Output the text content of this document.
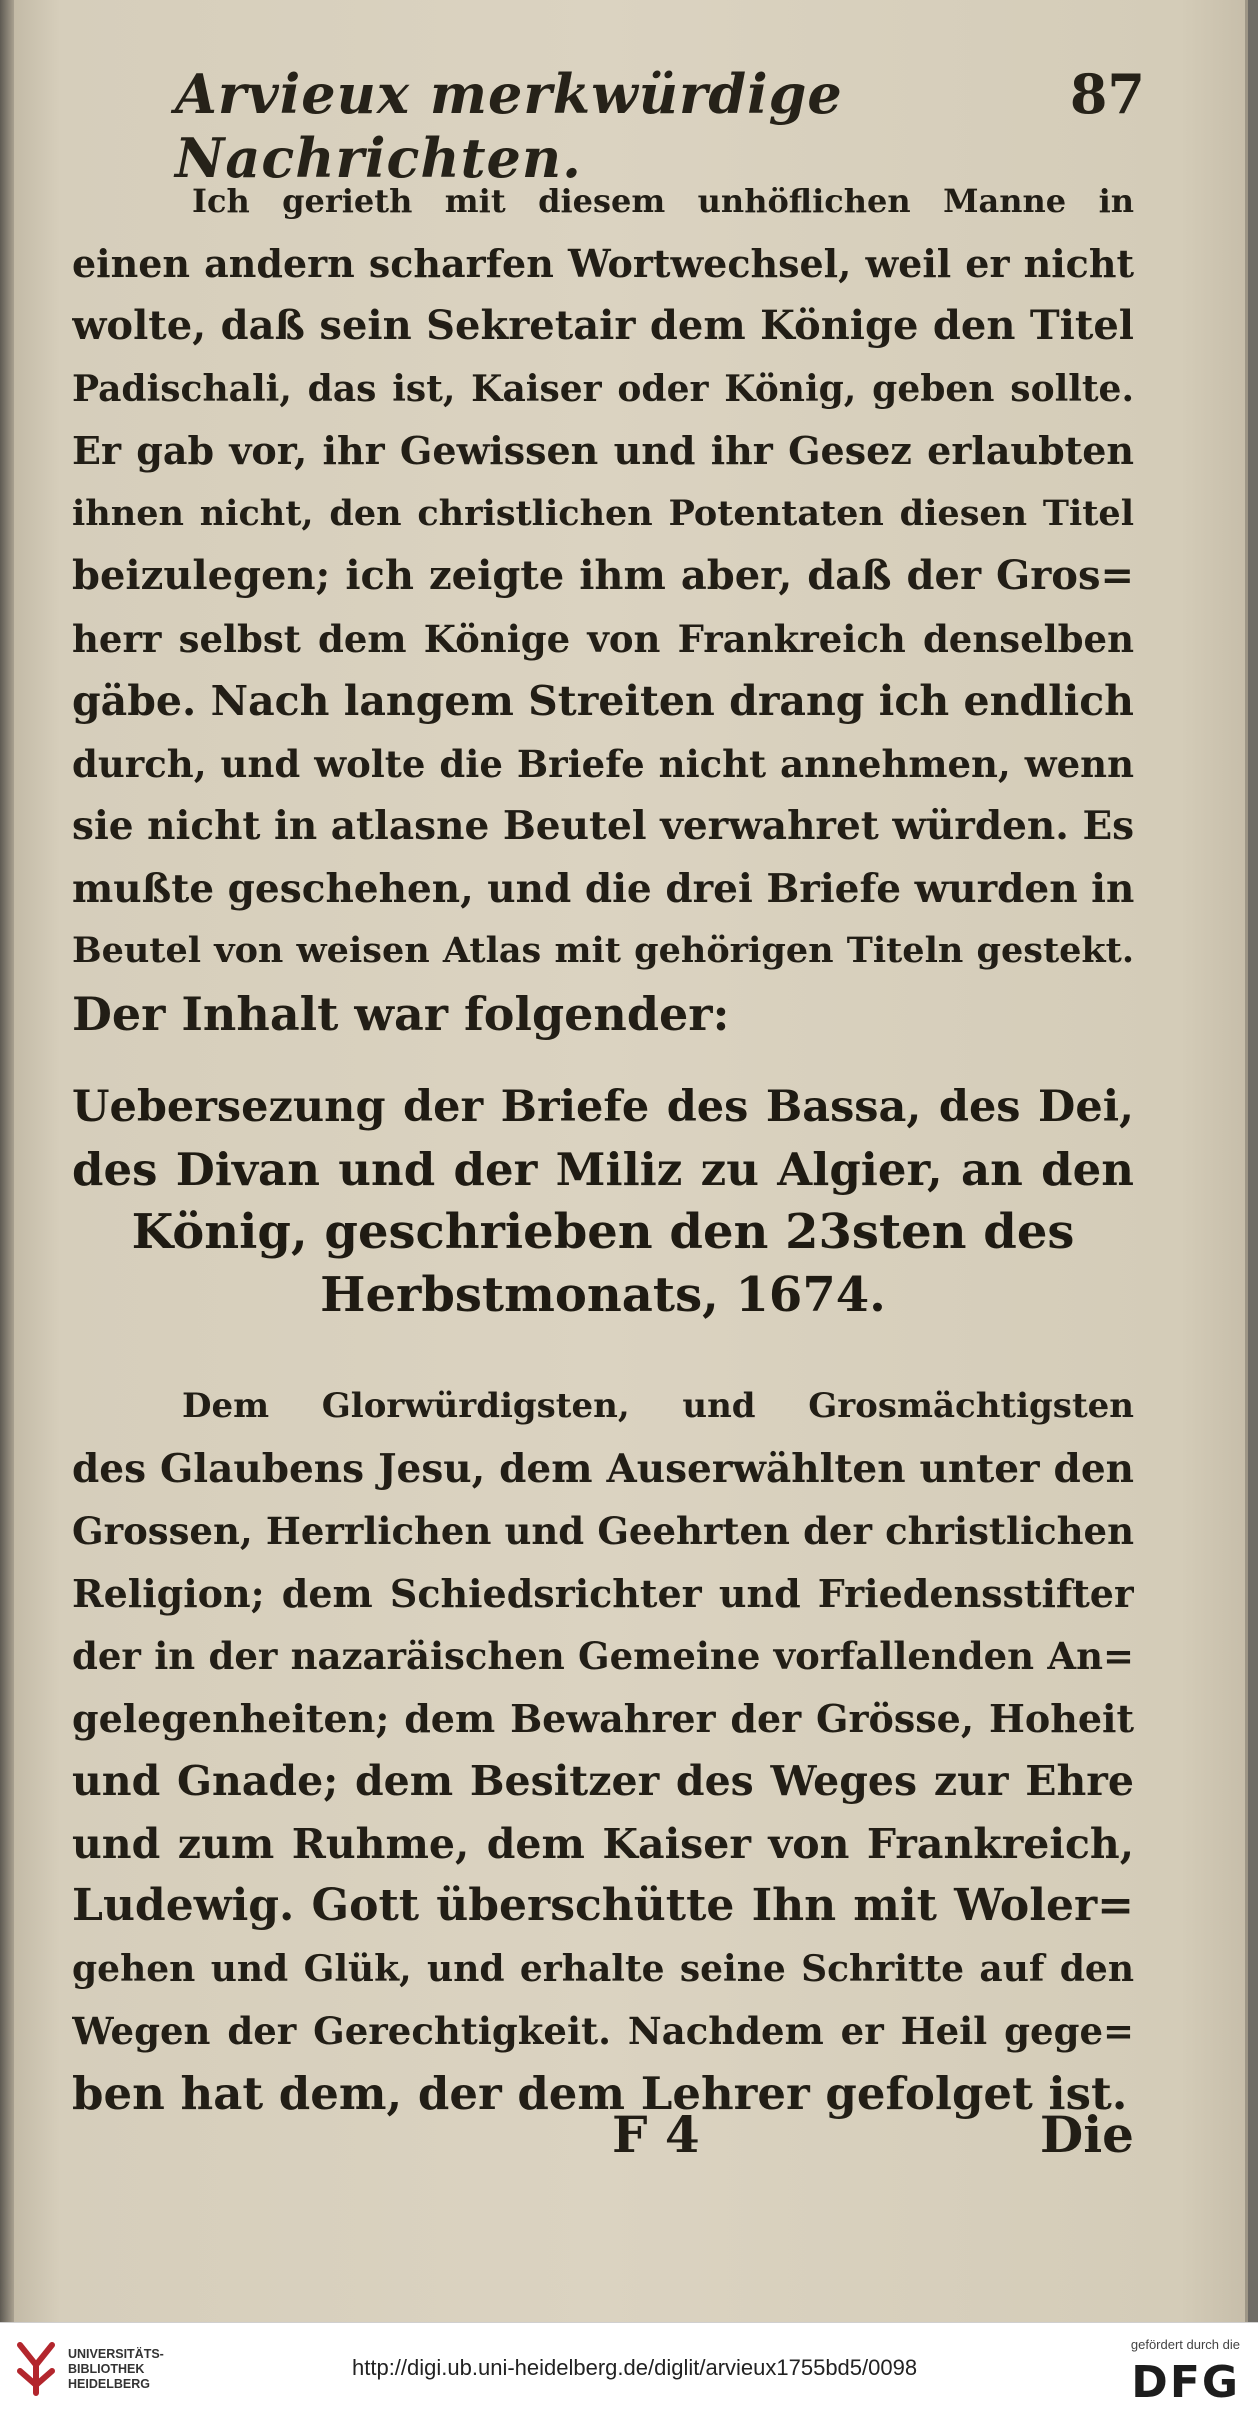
Arvieux merkwürdige Nachrichten.
87
Ich gerieth mit diesem unhöflichen Manne in
einen andern scharfen Wortwechsel, weil er nicht
wolte, daß sein Sekretair dem Könige den Titel
Padischali, das ist, Kaiser oder König, geben sollte.
Er gab vor, ihr Gewissen und ihr Gesez erlaubten
ihnen nicht, den christlichen Potentaten diesen Titel
beizulegen; ich zeigte ihm aber, daß der Gros=
herr selbst dem Könige von Frankreich denselben
gäbe. Nach langem Streiten drang ich endlich
durch, und wolte die Briefe nicht annehmen, wenn
sie nicht in atlasne Beutel verwahret würden. Es
mußte geschehen, und die drei Briefe wurden in
Beutel von weisen Atlas mit gehörigen Titeln gestekt.
Der Inhalt war folgender:
Uebersezung der Briefe des Bassa, des Dei,
des Divan und der Miliz zu Algier, an den
König, geschrieben den 23sten des
Herbstmonats, 1674.
Dem Glorwürdigsten, und Grosmächtigsten
des Glaubens Jesu, dem Auserwählten unter den
Grossen, Herrlichen und Geehrten der christlichen
Religion; dem Schiedsrichter und Friedensstifter
der in der nazaräischen Gemeine vorfallenden An=
gelegenheiten; dem Bewahrer der Grösse, Hoheit
und Gnade; dem Besitzer des Weges zur Ehre
und zum Ruhme, dem Kaiser von Frankreich,
Ludewig. Gott überschütte Ihn mit Woler=
gehen und Glük, und erhalte seine Schritte auf den
Wegen der Gerechtigkeit. Nachdem er Heil gege=
ben hat dem, der dem Lehrer gefolget ist.
F 4	Die
UNIVERSITÄTS-
BIBLIOTHEK
HEIDELBERG
http://digi.ub.uni-heidelberg.de/diglit/arvieux1755bd5/0098
gefördert durch die
DFG
